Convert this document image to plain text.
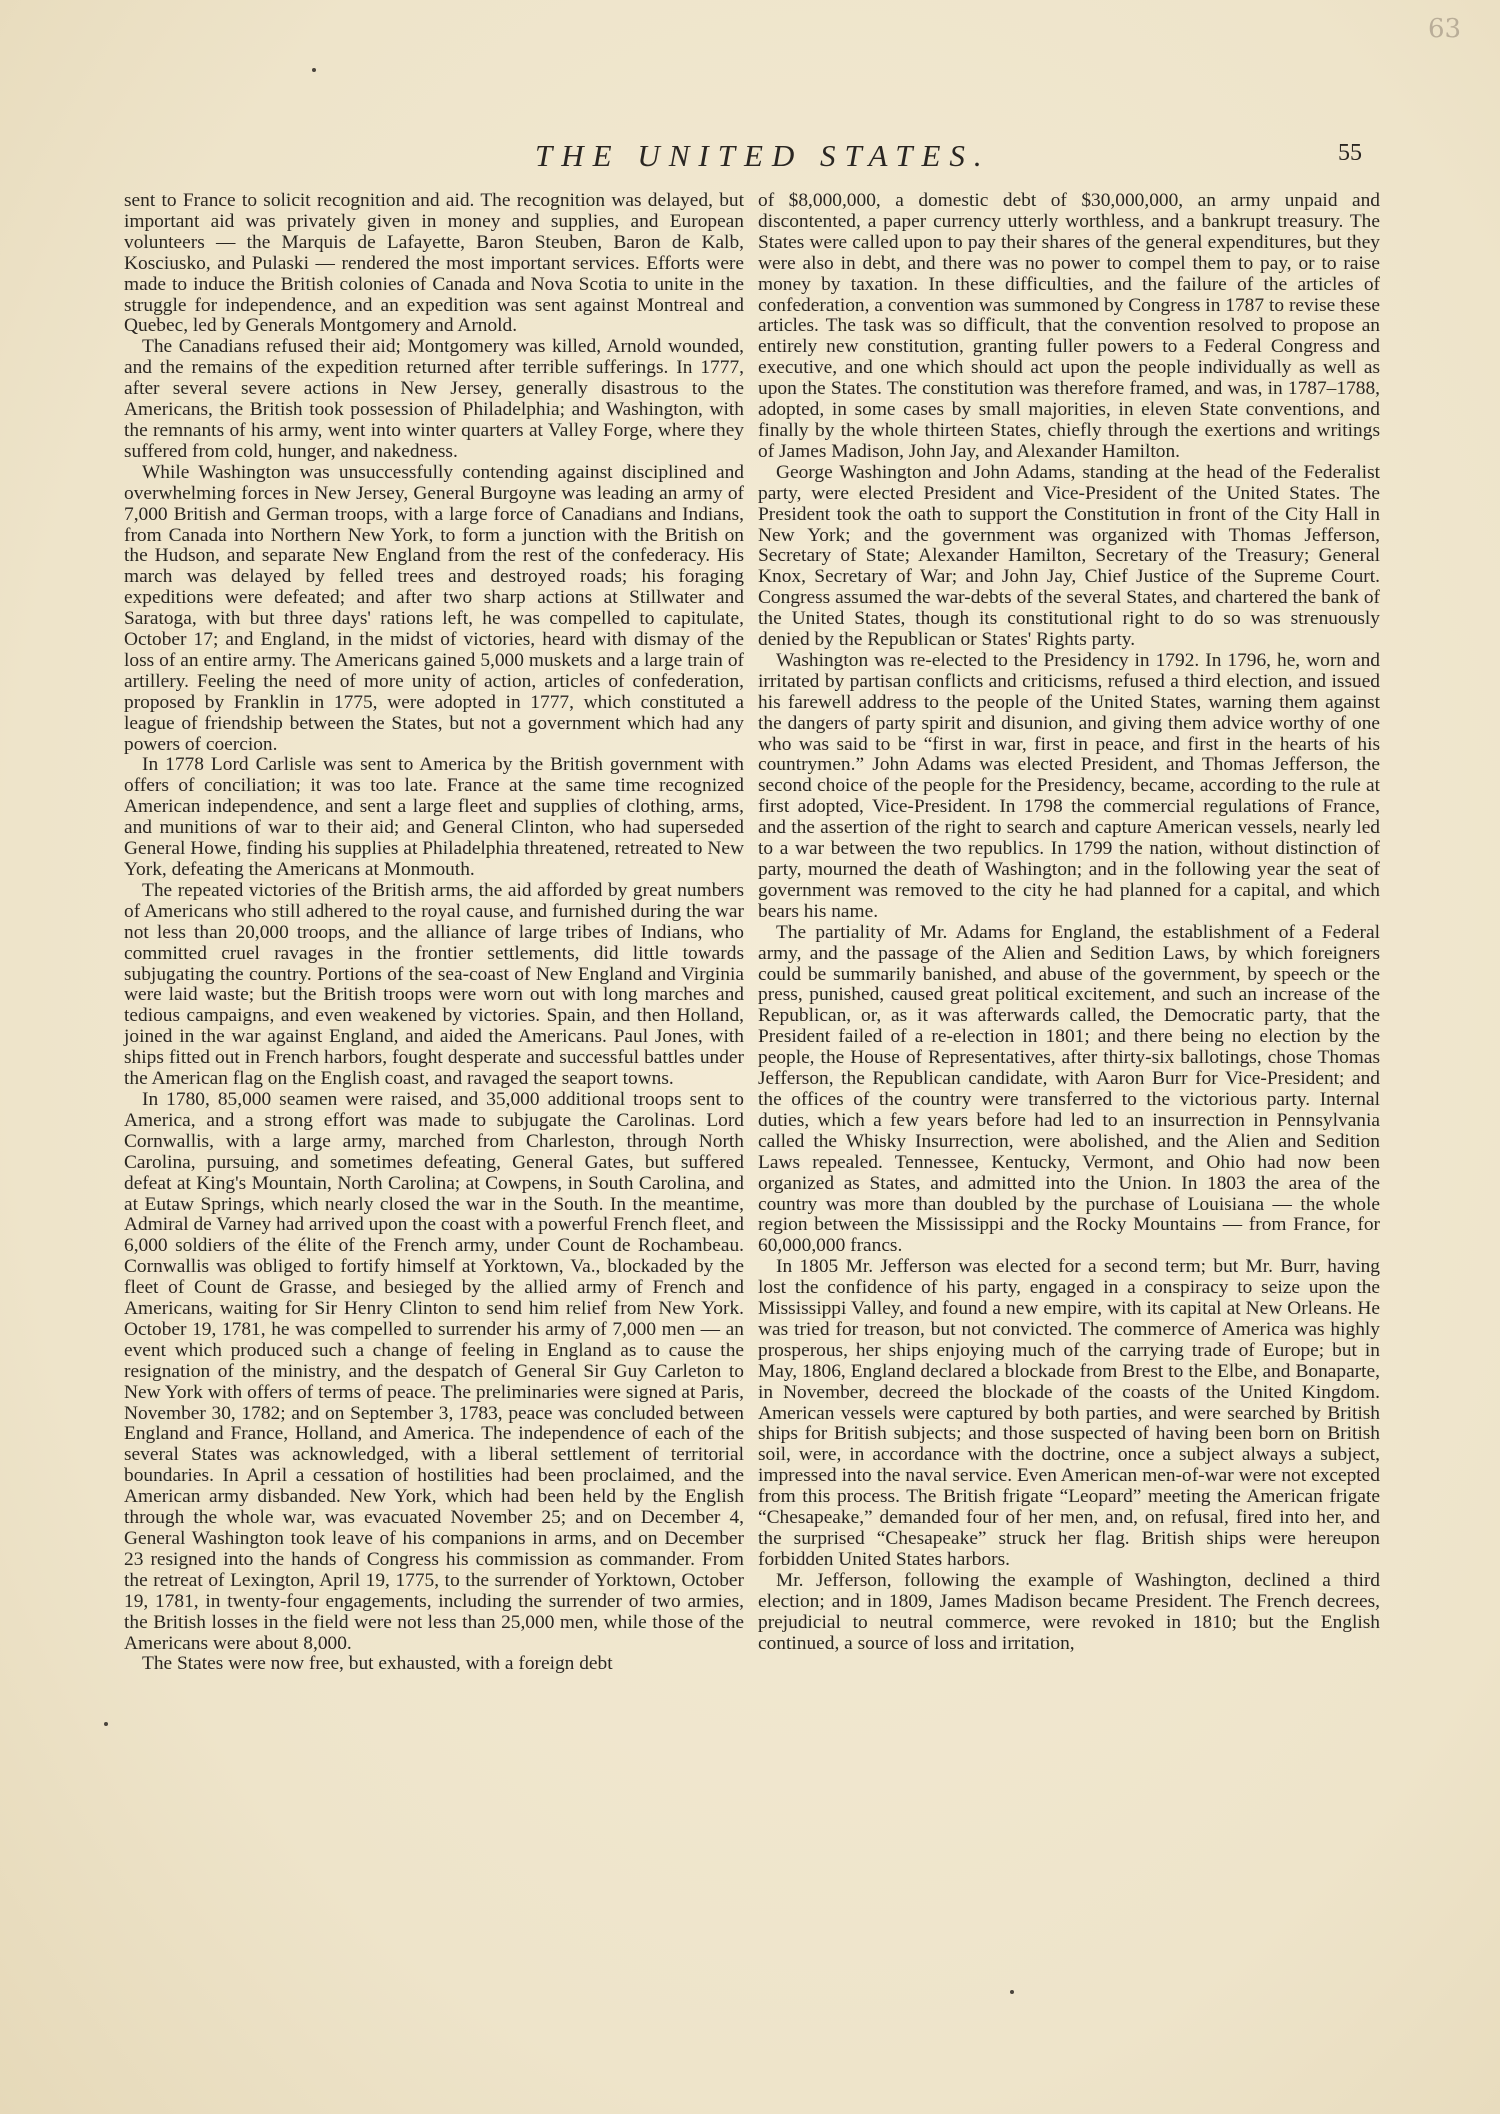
63
THE UNITED STATES.	55

sent to France to solicit recognition and aid. The recognition was delayed, but important aid was privately given in money and supplies, and European volunteers — the Marquis de Lafayette, Baron Steuben, Baron de Kalb, Kosciusko, and Pulaski — rendered the most important services. Efforts were made to induce the British colonies of Canada and Nova Scotia to unite in the struggle for independence, and an expedition was sent against Montreal and Quebec, led by Generals Montgomery and Arnold.

The Canadians refused their aid; Montgomery was killed, Arnold wounded, and the remains of the expedition returned after terrible sufferings. In 1777, after several severe actions in New Jersey, generally disastrous to the Americans, the British took possession of Philadelphia; and Washington, with the remnants of his army, went into winter quarters at Valley Forge, where they suffered from cold, hunger, and nakedness.

While Washington was unsuccessfully contending against disciplined and overwhelming forces in New Jersey, General Burgoyne was leading an army of 7,000 British and German troops, with a large force of Canadians and Indians, from Canada into Northern New York, to form a junction with the British on the Hudson, and separate New England from the rest of the confederacy. His march was delayed by felled trees and destroyed roads; his foraging expeditions were defeated; and after two sharp actions at Stillwater and Saratoga, with but three days' rations left, he was compelled to capitulate, October 17; and England, in the midst of victories, heard with dismay of the loss of an entire army. The Americans gained 5,000 muskets and a large train of artillery. Feeling the need of more unity of action, articles of confederation, proposed by Franklin in 1775, were adopted in 1777, which constituted a league of friendship between the States, but not a government which had any powers of coercion.

In 1778 Lord Carlisle was sent to America by the British government with offers of conciliation; it was too late. France at the same time recognized American independence, and sent a large fleet and supplies of clothing, arms, and munitions of war to their aid; and General Clinton, who had superseded General Howe, finding his supplies at Philadelphia threatened, retreated to New York, defeating the Americans at Monmouth.

The repeated victories of the British arms, the aid afforded by great numbers of Americans who still adhered to the royal cause, and furnished during the war not less than 20,000 troops, and the alliance of large tribes of Indians, who committed cruel ravages in the frontier settlements, did little towards subjugating the country. Portions of the sea-coast of New England and Virginia were laid waste; but the British troops were worn out with long marches and tedious campaigns, and even weakened by victories. Spain, and then Holland, joined in the war against England, and aided the Americans. Paul Jones, with ships fitted out in French harbors, fought desperate and successful battles under the American flag on the English coast, and ravaged the seaport towns.

In 1780, 85,000 seamen were raised, and 35,000 additional troops sent to America, and a strong effort was made to subjugate the Carolinas. Lord Cornwallis, with a large army, marched from Charleston, through North Carolina, pursuing, and sometimes defeating, General Gates, but suffered defeat at King's Mountain, North Carolina; at Cowpens, in South Carolina, and at Eutaw Springs, which nearly closed the war in the South. In the meantime, Admiral de Varney had arrived upon the coast with a powerful French fleet, and 6,000 soldiers of the élite of the French army, under Count de Rochambeau. Cornwallis was obliged to fortify himself at Yorktown, Va., blockaded by the fleet of Count de Grasse, and besieged by the allied army of French and Americans, waiting for Sir Henry Clinton to send him relief from New York. October 19, 1781, he was compelled to surrender his army of 7,000 men — an event which produced such a change of feeling in England as to cause the resignation of the ministry, and the despatch of General Sir Guy Carleton to New York with offers of terms of peace. The preliminaries were signed at Paris, November 30, 1782; and on September 3, 1783, peace was concluded between England and France, Holland, and America. The independence of each of the several States was acknowledged, with a liberal settlement of territorial boundaries. In April a cessation of hostilities had been proclaimed, and the American army disbanded. New York, which had been held by the English through the whole war, was evacuated November 25; and on December 4, General Washington took leave of his companions in arms, and on December 23 resigned into the hands of Congress his commission as commander. From the retreat of Lexington, April 19, 1775, to the surrender of Yorktown, October 19, 1781, in twenty-four engagements, including the surrender of two armies, the British losses in the field were not less than 25,000 men, while those of the Americans were about 8,000.

The States were now free, but exhausted, with a foreign debt

of $8,000,000, a domestic debt of $30,000,000, an army unpaid and discontented, a paper currency utterly worthless, and a bankrupt treasury. The States were called upon to pay their shares of the general expenditures, but they were also in debt, and there was no power to compel them to pay, or to raise money by taxation. In these difficulties, and the failure of the articles of confederation, a convention was summoned by Congress in 1787 to revise these articles. The task was so difficult, that the convention resolved to propose an entirely new constitution, granting fuller powers to a Federal Congress and executive, and one which should act upon the people individually as well as upon the States. The constitution was therefore framed, and was, in 1787–1788, adopted, in some cases by small majorities, in eleven State conventions, and finally by the whole thirteen States, chiefly through the exertions and writings of James Madison, John Jay, and Alexander Hamilton.

George Washington and John Adams, standing at the head of the Federalist party, were elected President and Vice-President of the United States. The President took the oath to support the Constitution in front of the City Hall in New York; and the government was organized with Thomas Jefferson, Secretary of State; Alexander Hamilton, Secretary of the Treasury; General Knox, Secretary of War; and John Jay, Chief Justice of the Supreme Court. Congress assumed the war-debts of the several States, and chartered the bank of the United States, though its constitutional right to do so was strenuously denied by the Republican or States' Rights party.

Washington was re-elected to the Presidency in 1792. In 1796, he, worn and irritated by partisan conflicts and criticisms, refused a third election, and issued his farewell address to the people of the United States, warning them against the dangers of party spirit and disunion, and giving them advice worthy of one who was said to be “first in war, first in peace, and first in the hearts of his countrymen.” John Adams was elected President, and Thomas Jefferson, the second choice of the people for the Presidency, became, according to the rule at first adopted, Vice-President. In 1798 the commercial regulations of France, and the assertion of the right to search and capture American vessels, nearly led to a war between the two republics. In 1799 the nation, without distinction of party, mourned the death of Washington; and in the following year the seat of government was removed to the city he had planned for a capital, and which bears his name.

The partiality of Mr. Adams for England, the establishment of a Federal army, and the passage of the Alien and Sedition Laws, by which foreigners could be summarily banished, and abuse of the government, by speech or the press, punished, caused great political excitement, and such an increase of the Republican, or, as it was afterwards called, the Democratic party, that the President failed of a re-election in 1801; and there being no election by the people, the House of Representatives, after thirty-six ballotings, chose Thomas Jefferson, the Republican candidate, with Aaron Burr for Vice-President; and the offices of the country were transferred to the victorious party. Internal duties, which a few years before had led to an insurrection in Pennsylvania called the Whisky Insurrection, were abolished, and the Alien and Sedition Laws repealed. Tennessee, Kentucky, Vermont, and Ohio had now been organized as States, and admitted into the Union. In 1803 the area of the country was more than doubled by the purchase of Louisiana — the whole region between the Mississippi and the Rocky Mountains — from France, for 60,000,000 francs.

In 1805 Mr. Jefferson was elected for a second term; but Mr. Burr, having lost the confidence of his party, engaged in a conspiracy to seize upon the Mississippi Valley, and found a new empire, with its capital at New Orleans. He was tried for treason, but not convicted. The commerce of America was highly prosperous, her ships enjoying much of the carrying trade of Europe; but in May, 1806, England declared a blockade from Brest to the Elbe, and Bonaparte, in November, decreed the blockade of the coasts of the United Kingdom. American vessels were captured by both parties, and were searched by British ships for British subjects; and those suspected of having been born on British soil, were, in accordance with the doctrine, once a subject always a subject, impressed into the naval service. Even American men-of-war were not excepted from this process. The British frigate “Leopard” meeting the American frigate “Chesapeake,” demanded four of her men, and, on refusal, fired into her, and the surprised “Chesapeake” struck her flag. British ships were hereupon forbidden United States harbors.

Mr. Jefferson, following the example of Washington, declined a third election; and in 1809, James Madison became President. The French decrees, prejudicial to neutral commerce, were revoked in 1810; but the English continued, a source of loss and irritation,
